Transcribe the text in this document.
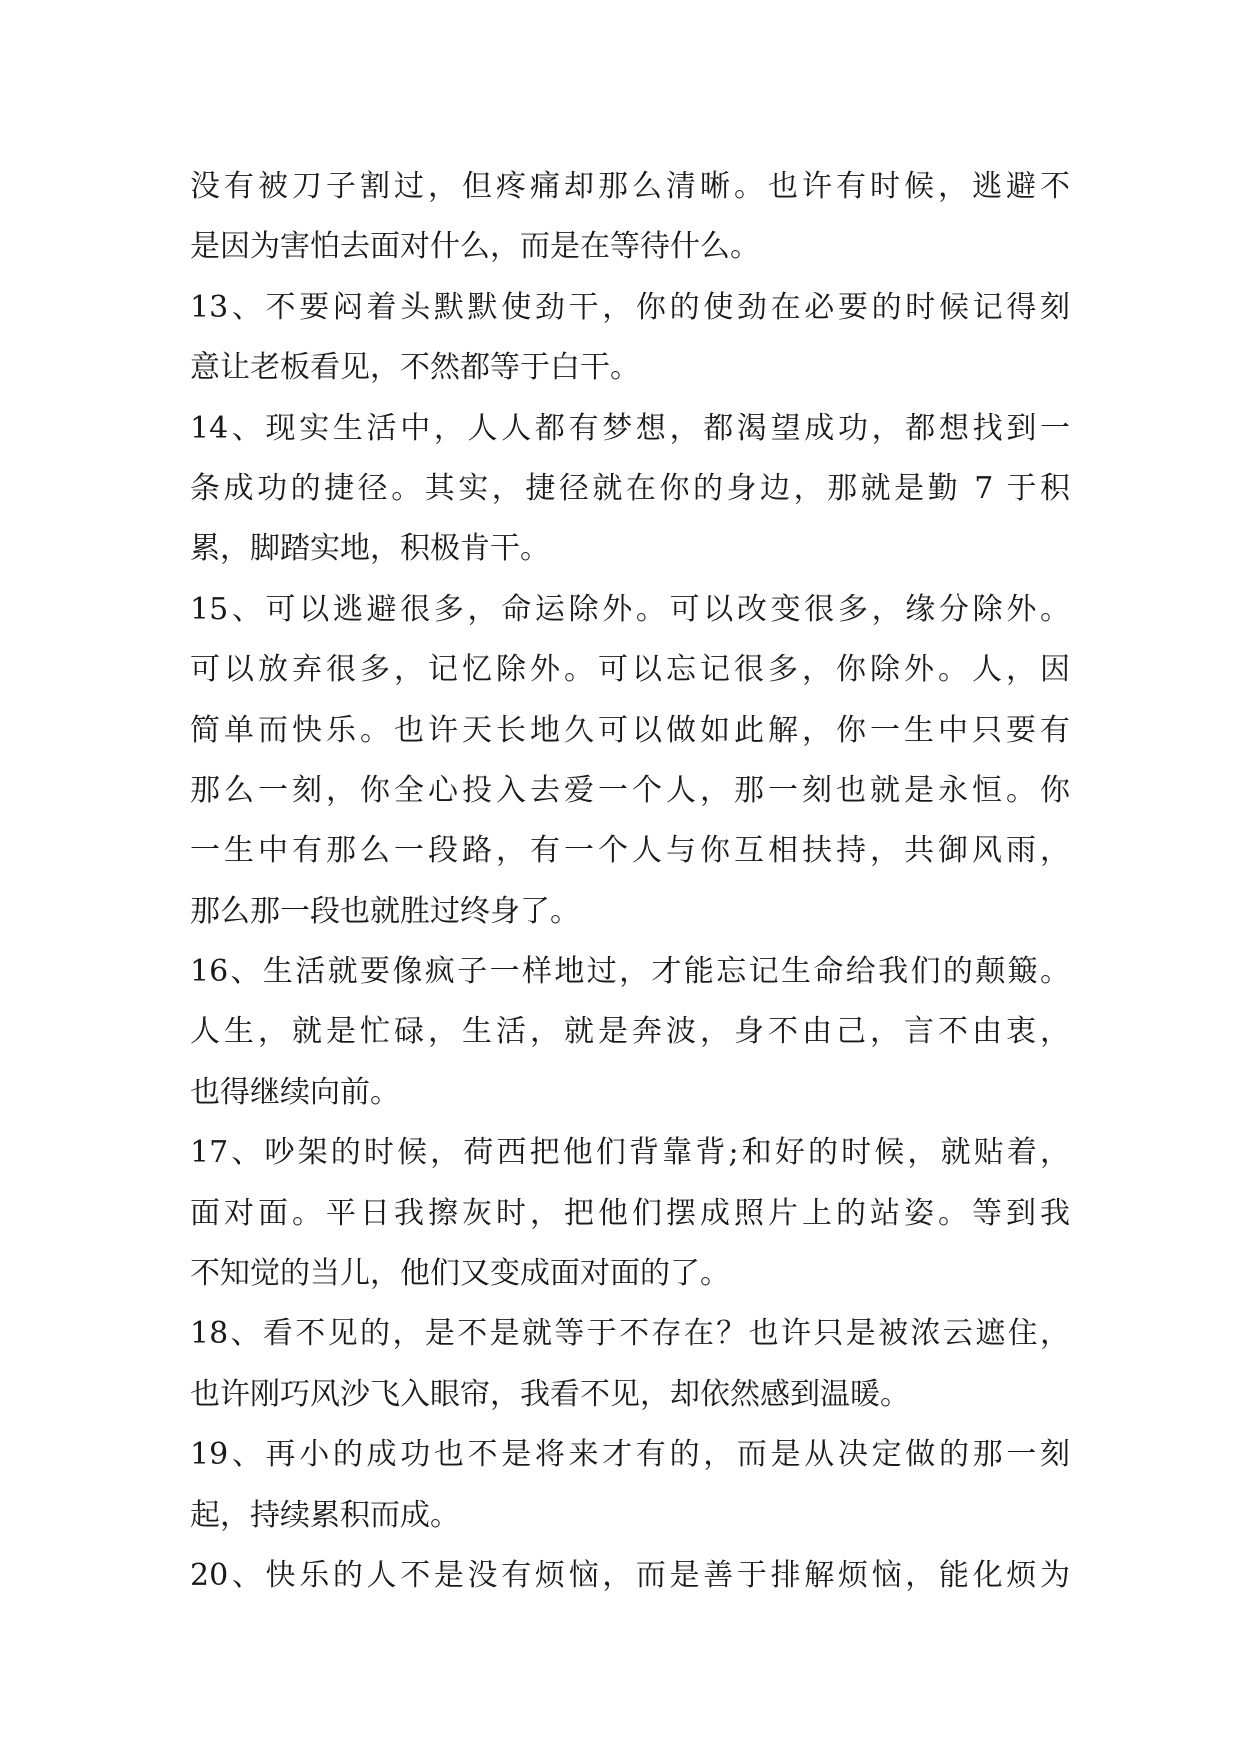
没有被刀子割过，但疼痛却那么清晰。也许有时候，逃避不
是因为害怕去面对什么，而是在等待什么。
13、不要闷着头默默使劲干，你的使劲在必要的时候记得刻
意让老板看见，不然都等于白干。
14、现实生活中，人人都有梦想，都渴望成功，都想找到一
条成功的捷径。其实，捷径就在你的身边，那就是勤 7 于积
累，脚踏实地，积极肯干。
15、可以逃避很多，命运除外。可以改变很多，缘分除外。
可以放弃很多，记忆除外。可以忘记很多，你除外。人，因
简单而快乐。也许天长地久可以做如此解，你一生中只要有
那么一刻，你全心投入去爱一个人，那一刻也就是永恒。你
一生中有那么一段路，有一个人与你互相扶持，共御风雨，
那么那一段也就胜过终身了。
16、生活就要像疯子一样地过，才能忘记生命给我们的颠簸。
人生，就是忙碌，生活，就是奔波，身不由己，言不由衷，
也得继续向前。
17、吵架的时候，荷西把他们背靠背;和好的时候，就贴着，
面对面。平日我擦灰时，把他们摆成照片上的站姿。等到我
不知觉的当儿，他们又变成面对面的了。
18、看不见的，是不是就等于不存在？也许只是被浓云遮住，
也许刚巧风沙飞入眼帘，我看不见，却依然感到温暖。
19、再小的成功也不是将来才有的，而是从决定做的那一刻
起，持续累积而成。
20、快乐的人不是没有烦恼，而是善于排解烦恼，能化烦为
